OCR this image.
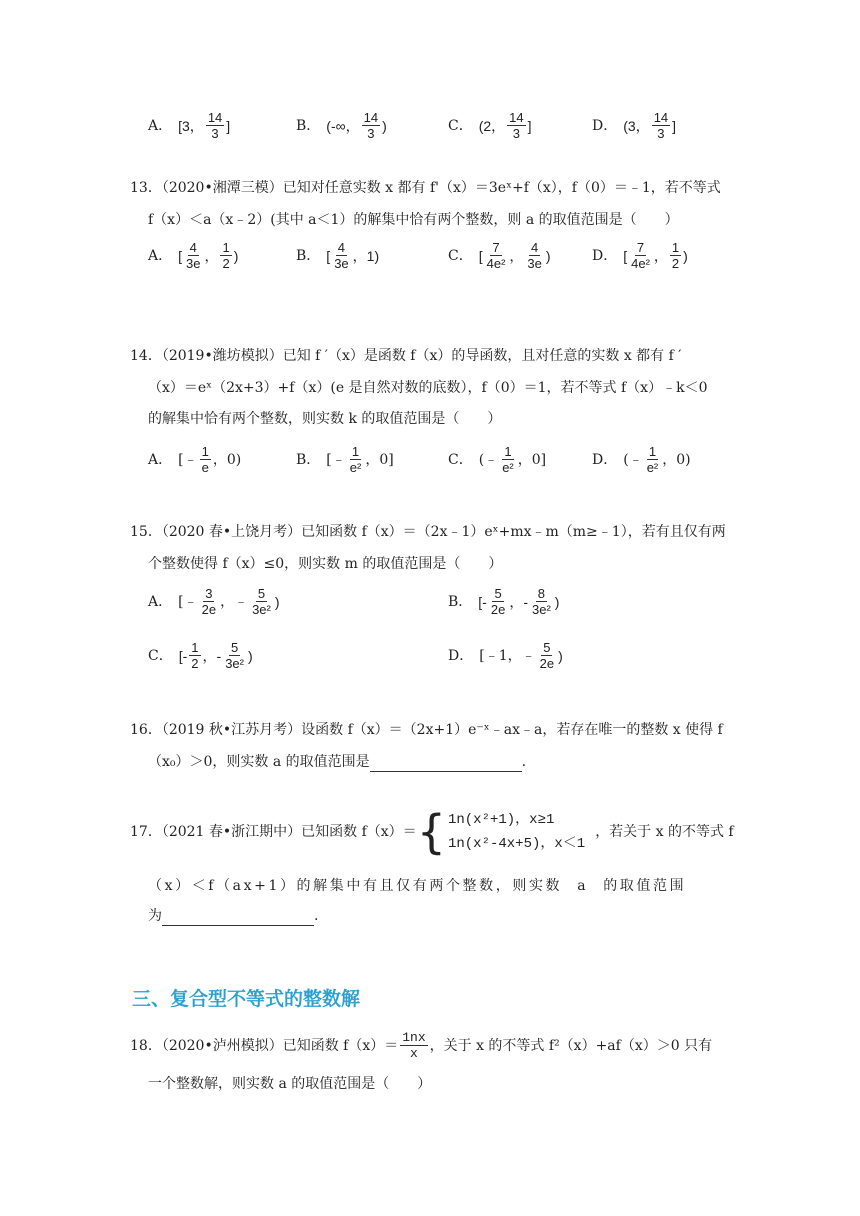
A． [3， $\frac{14}{3}$ ]	B． (-∞， $\frac{14}{3}$ )	C． (2， $\frac{14}{3}$ ]	D． (3， $\frac{14}{3}$ ]
13．（2020•湘潭三模）已知对任意实数 x 都有 f'（x）＝3eˣ+f（x），f（0）＝﹣1，若不等式
f（x）＜a（x﹣2）(其中 a＜1）的解集中恰有两个整数，则 a 的取值范围是（　　）
A． [ $\frac{4}{3e}$ ， $\frac{1}{2}$ )	B． [ $\frac{4}{3e}$ ， 1)	C． [ $\frac{7}{\text{4e²}}$ ， $\frac{4}{3e}$ )	D． [ $\frac{7}{\text{4e²}}$ ， $\frac{1}{2}$ )
14．（2019•潍坊模拟）已知 f ′（x）是函数 f（x）的导函数，且对任意的实数 x 都有 f ′
（x）＝eˣ（2x+3）+f（x）(e 是自然对数的底数），f（0）＝1，若不等式 f（x）﹣k＜0
的解集中恰有两个整数，则实数 k 的取值范围是（　　）
A． [﹣ $\frac{1}{e}$ ，0)	B． [﹣ $\frac{1}{\text{e²}}$ ，0]	C． (﹣ $\frac{1}{\text{e²}}$ ，0]	D． (﹣ $\frac{1}{\text{e²}}$ ，0)
15．（2020 春•上饶月考）已知函数 f（x）＝（2x﹣1）eˣ+mx﹣m（m≥﹣1），若有且仅有两
个整数使得 f（x）≤0，则实数 m 的取值范围是（　　）
A． [﹣ $\frac{3}{2e}$ ，﹣ $\frac{5}{\text{3e²}}$ )	B． [- $\frac{5}{2e}$ ，- $\frac{8}{\text{3e²}}$ )
C． [- $\frac{1}{2}$ ，- $\frac{5}{\text{3e²}}$ )	D． [﹣1，﹣ $\frac{5}{2e}$ )
16．（2019 秋•江苏月考）设函数 f（x）＝（2x+1）e⁻ˣ﹣ax﹣a，若存在唯一的整数 x 使得 f
（x₀）＞0，则实数 a 的取值范围是	.
17．（2021 春•浙江期中）已知函数 f（x）＝ { 1n(x²+1)，x≥1
1n(x²-4x+5)，x＜1
，若关于 x 的不等式 f
（x）＜f（ax+1）的解集中有且仅有两个整数，则实数 a 的取值范围
为	.
三、复合型不等式的整数解
18．（2020•泸州模拟）已知函数 $f(x)= \frac{1nx}{x}$ ，关于 x 的不等式 f²（x）+af（x）＞0 只有
一个整数解，则实数 a 的取值范围是（　　）
